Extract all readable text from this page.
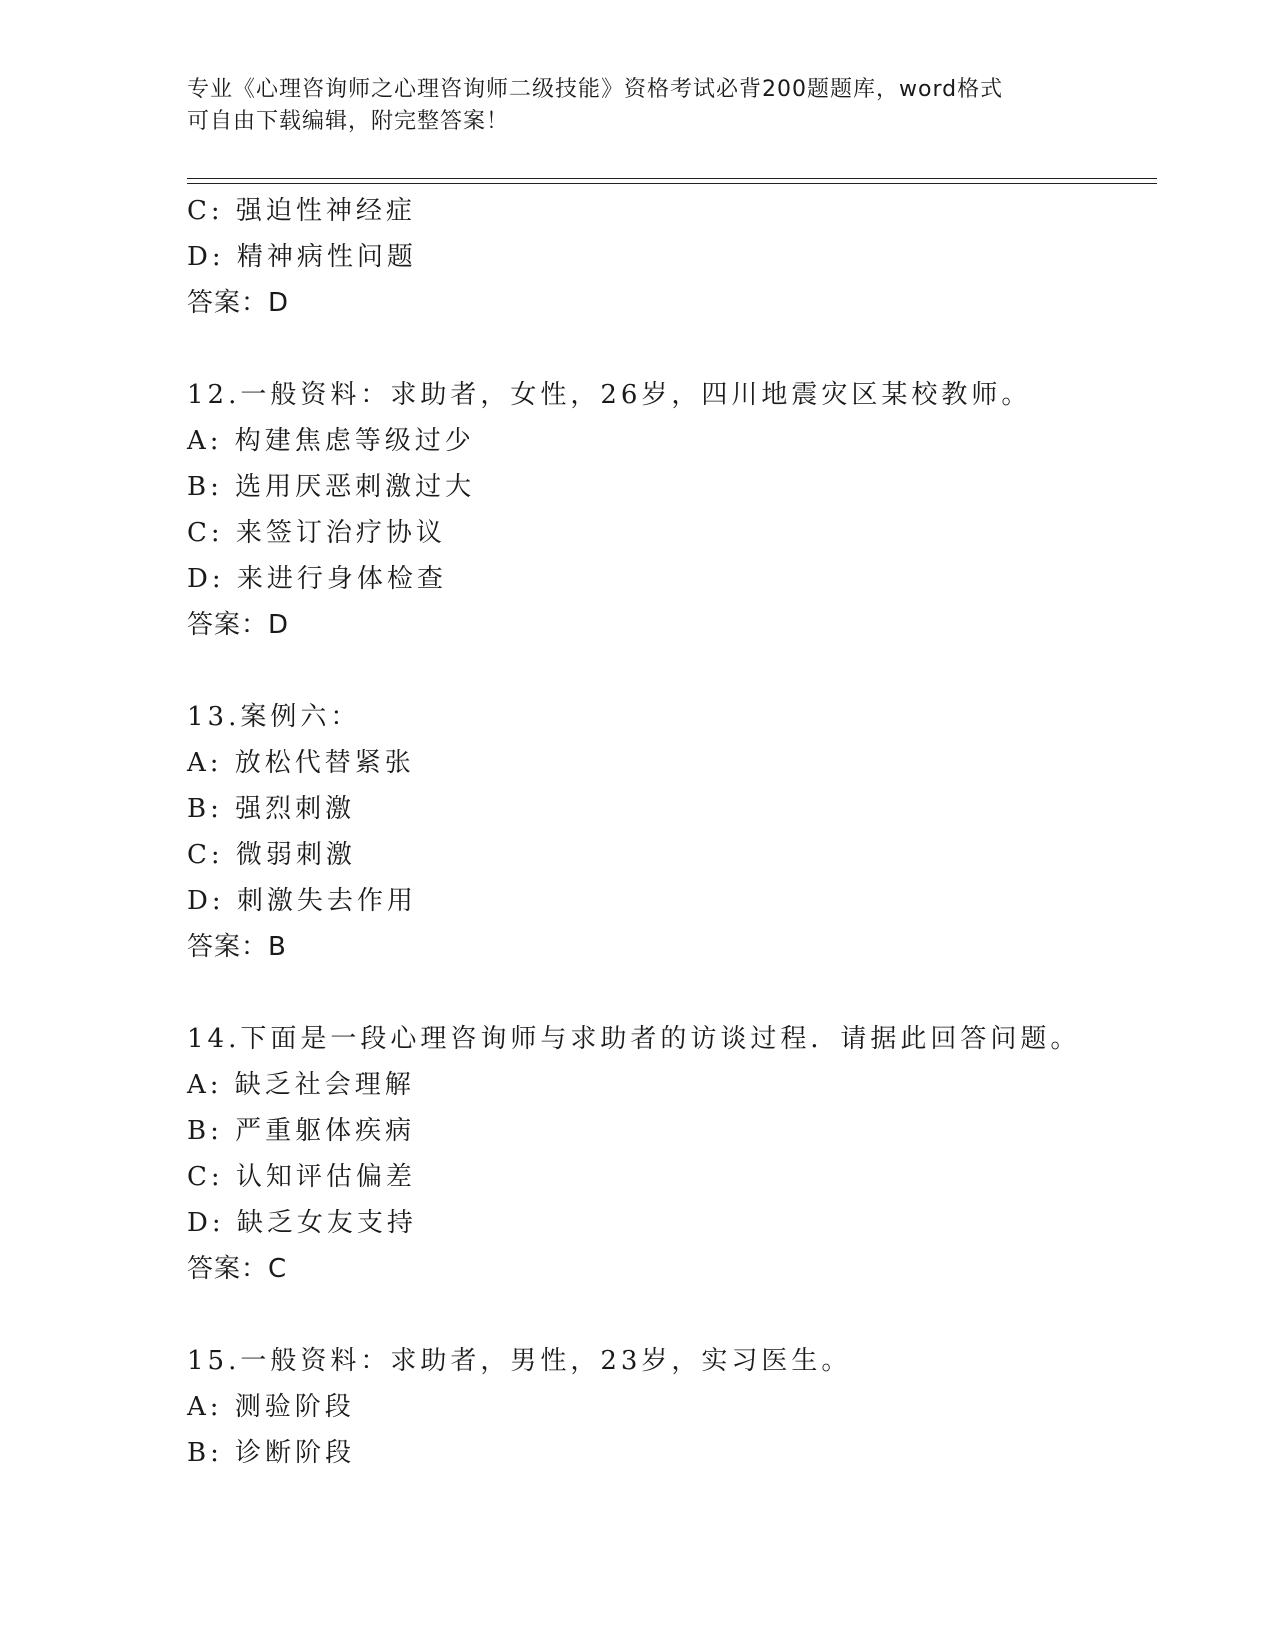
专业《心理咨询师之心理咨询师二级技能》资格考试必背200题题库，word格式
可自由下载编辑，附完整答案！
C: 强迫性神经症
D: 精神病性问题
答案：D
12.一般资料：求助者，女性，26岁，四川地震灾区某校教师。
A: 构建焦虑等级过少
B: 选用厌恶刺激过大
C: 来签订治疗协议
D: 来进行身体检查
答案：D
13.案例六：
A: 放松代替紧张
B: 强烈刺激
C: 微弱刺激
D: 刺激失去作用
答案：B
14.下面是一段心理咨询师与求助者的访谈过程．请据此回答问题。
A: 缺乏社会理解
B: 严重躯体疾病
C: 认知评估偏差
D: 缺乏女友支持
答案：C
15.一般资料：求助者，男性，23岁，实习医生。
A: 测验阶段
B: 诊断阶段
